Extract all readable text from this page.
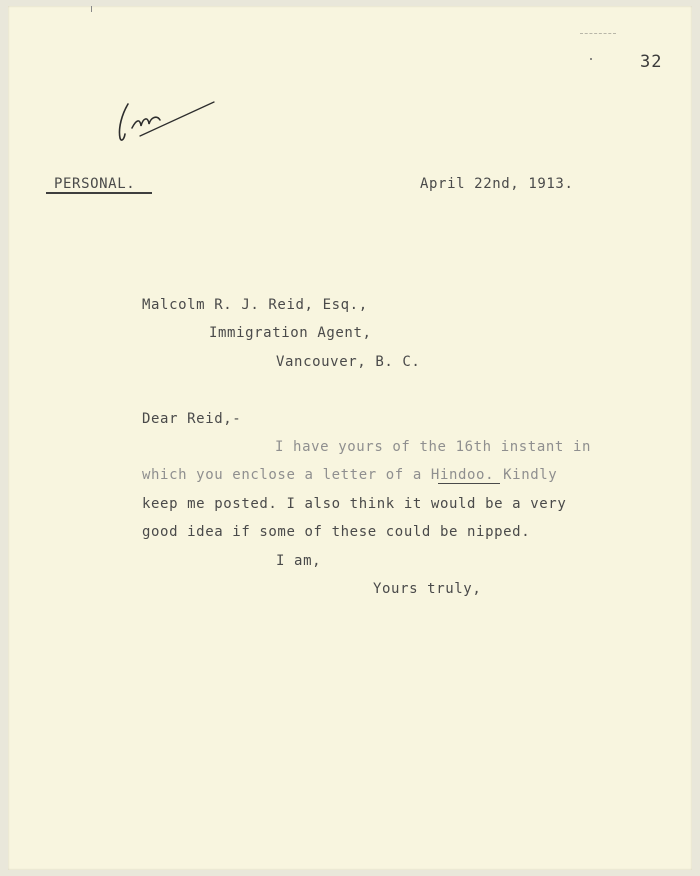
32
PERSONAL.	April 22nd, 1913.
Malcolm R. J. Reid, Esq.,
Immigration Agent,
Vancouver, B. C.
Dear Reid,-
I have yours of the 16th instant in
which you enclose a letter of a Hindoo. Kindly
keep me posted. I also think it would be a very
good idea if some of these could be nipped.
I am,
Yours truly,
